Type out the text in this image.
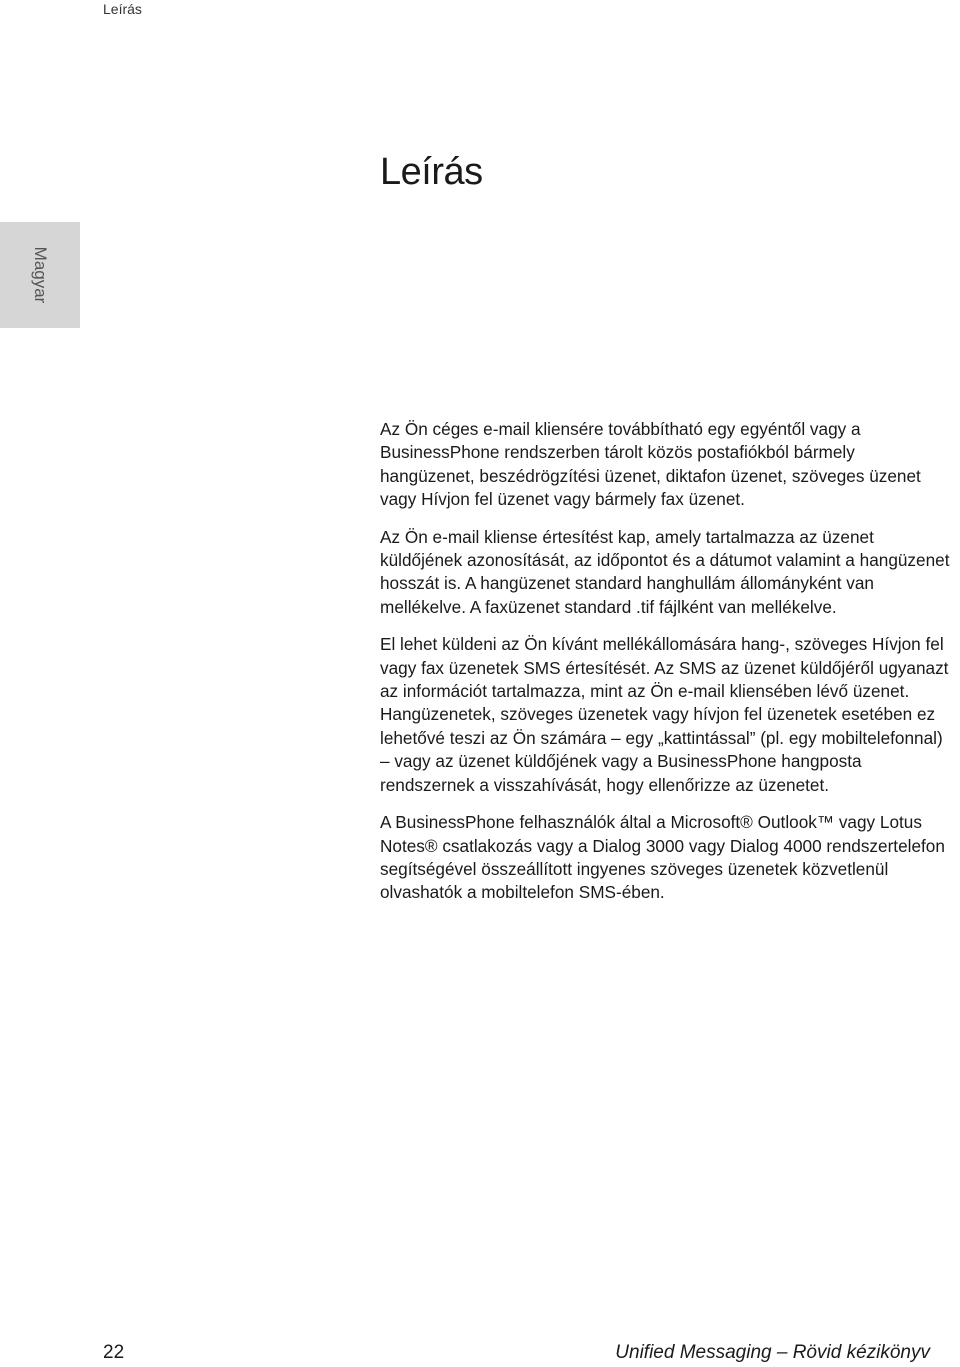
Leírás
Leírás
Magyar

Az Ön céges e-mail kliensére továbbítható egy egyéntől vagy a BusinessPhone rendszerben tárolt közös postafiókból bármely hangüzenet, beszédrögzítési üzenet, diktafon üzenet, szöveges üzenet vagy Hívjon fel üzenet vagy bármely fax üzenet.

Az Ön e-mail kliense értesítést kap, amely tartalmazza az üzenet küldőjének azonosítását, az időpontot és a dátumot valamint a hangüzenet hosszát is. A hangüzenet standard hanghullám állományként van mellékelve. A faxüzenet standard .tif fájlként van mellékelve.

El lehet küldeni az Ön kívánt mellékállomására hang-, szöveges Hívjon fel vagy fax üzenetek SMS értesítését. Az SMS az üzenet küldőjéről ugyanazt az információt tartalmazza, mint az Ön e-mail kliensében lévő üzenet. Hangüzenetek, szöveges üzenetek vagy hívjon fel üzenetek esetében ez lehetővé teszi az Ön számára – egy „kattintással” (pl. egy mobiltelefonnal) – vagy az üzenet küldőjének vagy a BusinessPhone hangposta rendszernek a visszahívását, hogy ellenőrizze az üzenetet.

A BusinessPhone felhasználók által a Microsoft® Outlook™ vagy Lotus Notes® csatlakozás vagy a Dialog 3000 vagy Dialog 4000 rendszertelefon segítségével összeállított ingyenes szöveges üzenetek közvetlenül olvashatók a mobiltelefon SMS-ében.

22	Unified Messaging – Rövid kézikönyv
